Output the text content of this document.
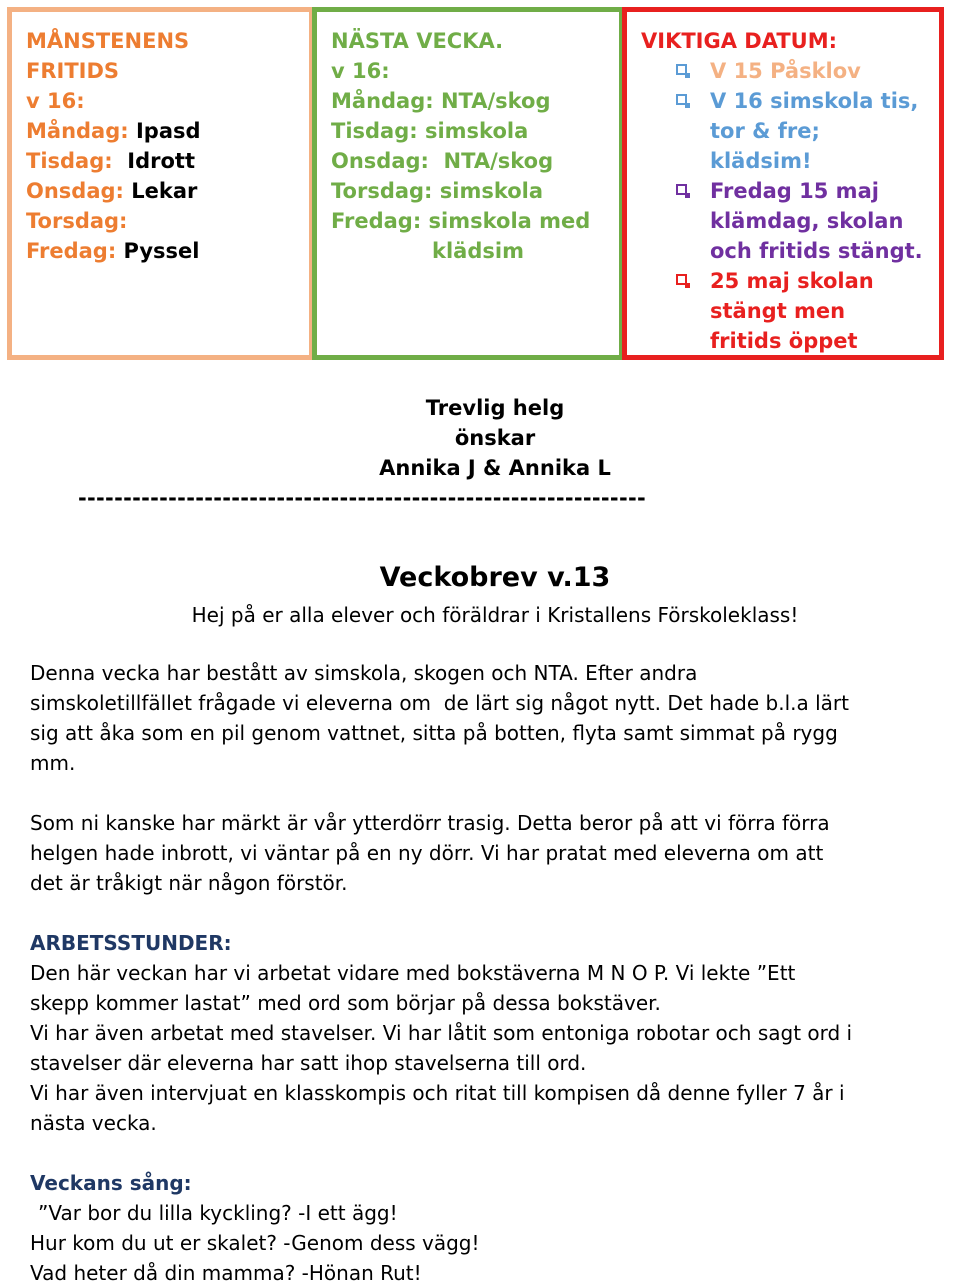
MÅNSTENENS
FRITIDS
v 16:
Måndag: Ipasd
Tisdag: Idrott
Onsdag: Lekar
Torsdag:
Fredag: Pyssel
NÄSTA VECKA.
v 16:
Måndag: NTA/skog
Tisdag: simskola
Onsdag:  NTA/skog
Torsdag: simskola
Fredag: simskola med
klädsim
VIKTIGA DATUM:
V 15 Påsklov
V 16 simskola tis,
tor & fre;
klädsim!
Fredag 15 maj
klämdag, skolan
och fritids stängt.
25 maj skolan
stängt men
fritids öppet
Trevlig helg
önskar
Annika J & Annika L
---------------------------------------------------------------
Veckobrev v.13
Hej på er alla elever och föräldrar i Kristallens Förskoleklass!

Denna vecka har bestått av simskola, skogen och NTA. Efter andra

simskoletillfället frågade vi eleverna om  de lärt sig något nytt. Det hade b.l.a lärt

sig att åka som en pil genom vattnet, sitta på botten, flyta samt simmat på rygg

mm.

Som ni kanske har märkt är vår ytterdörr trasig. Detta beror på att vi förra förra

helgen hade inbrott, vi väntar på en ny dörr. Vi har pratat med eleverna om att

det är tråkigt när någon förstör.

ARBETSSTUNDER:

Den här veckan har vi arbetat vidare med bokstäverna M N O P. Vi lekte ”Ett

skepp kommer lastat” med ord som börjar på dessa bokstäver.

Vi har även arbetat med stavelser. Vi har låtit som entoniga robotar och sagt ord i

stavelser där eleverna har satt ihop stavelserna till ord.

Vi har även intervjuat en klasskompis och ritat till kompisen då denne fyller 7 år i

nästa vecka.

Veckans sång:

”Var bor du lilla kyckling? -I ett ägg!

Hur kom du ut er skalet? -Genom dess vägg!

Vad heter då din mamma? -Hönan Rut!
